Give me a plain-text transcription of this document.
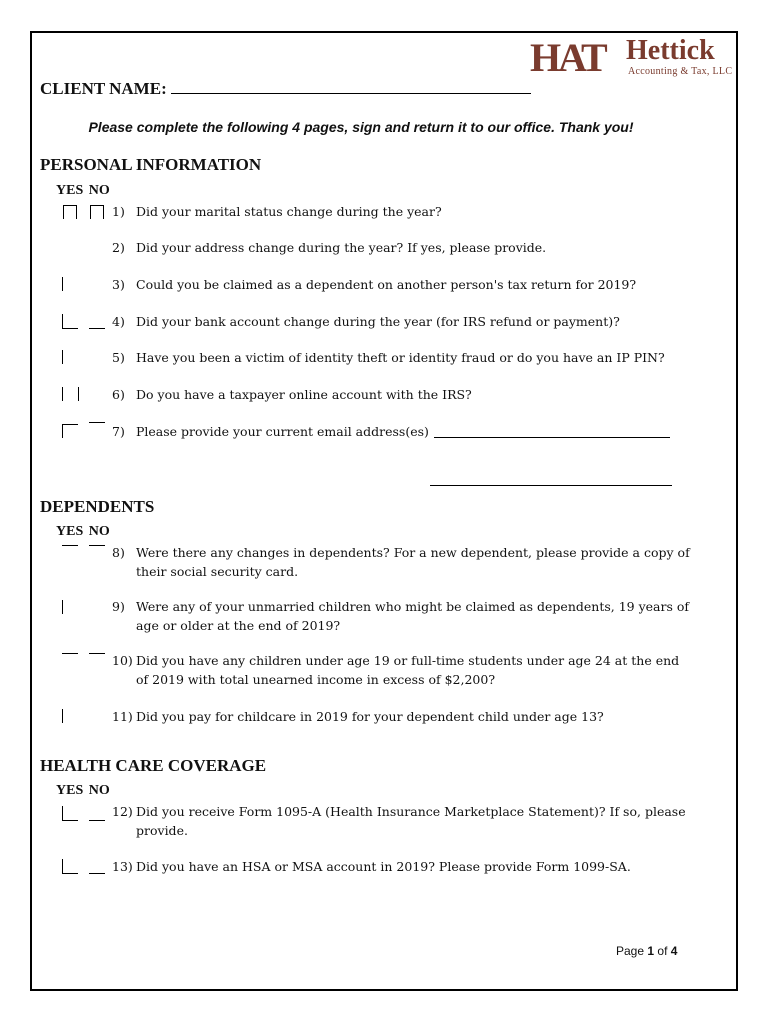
HAT Hettick
Accounting & Tax, LLC
CLIENT NAME:
Please complete the following 4 pages, sign and return it to our office. Thank you!
PERSONAL INFORMATION
YES NO
1) Did your marital status change during the year?
2) Did your address change during the year? If yes, please provide.
3) Could you be claimed as a dependent on another person's tax return for 2019?
4) Did your bank account change during the year (for IRS refund or payment)?
5) Have you been a victim of identity theft or identity fraud or do you have an IP PIN?
6) Do you have a taxpayer online account with the IRS?
7) Please provide your current email address(es)
DEPENDENTS
YES NO
8) Were there any changes in dependents? For a new dependent, please provide a copy of their social security card.
9) Were any of your unmarried children who might be claimed as dependents, 19 years of age or older at the end of 2019?
10) Did you have any children under age 19 or full-time students under age 24 at the end of 2019 with total unearned income in excess of $2,200?
11) Did you pay for childcare in 2019 for your dependent child under age 13?
HEALTH CARE COVERAGE
YES NO
12) Did you receive Form 1095-A (Health Insurance Marketplace Statement)? If so, please provide.
13) Did you have an HSA or MSA account in 2019? Please provide Form 1099-SA.
Page 1 of 4
